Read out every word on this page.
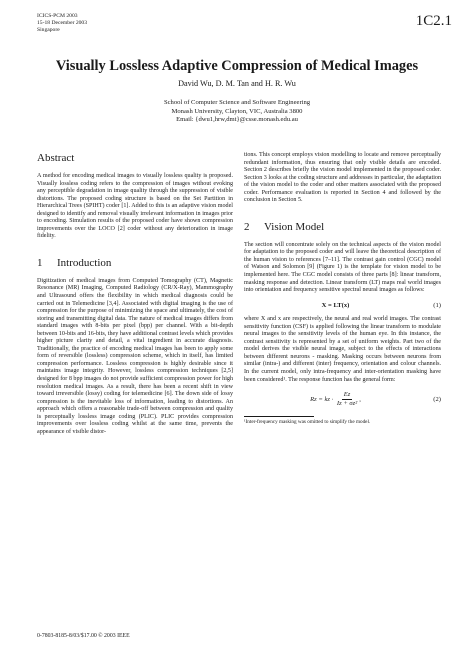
ICICS-PCM 2003
15-18 December 2003
Singapore
1C2.1
Visually Lossless Adaptive Compression of Medical Images
David Wu, D. M. Tan and H. R. Wu
School of Computer Science and Software Engineering
Monash University, Clayton, VIC, Australia 3800
Email: {dwu1,hrw,dmt}@csse.monash.edu.au
Abstract

A method for encoding medical images to visually lossless quality is proposed. Visually lossless coding refers to the compression of images without evoking any perceptible degradation in image quality through the suppression of visible distortions. The proposed coding structure is based on the Set Partition in Hierarchical Trees (SPIHT) coder [1]. Added to this is an adaptive vision model designed to identify and removal visually irrelevant information in images prior to encoding. Simulation results of the proposed coder have shown compression improvements over the LOCO [2] coder without any deterioration in image fidelity.

1 Introduction

Digitization of medical images from Computed Tomography (CT), Magnetic Resonance (MR) Imaging, Computed Radiology (CR/X-Ray), Mammography and Ultrasound offers the flexibility in which medical diagnosis could be carried out in Telemedicine [3,4]. Associated with digital imaging is the use of compression for the purpose of minimizing the space and ultimately, the cost of storing and transmitting digital data. The nature of medical images differs from standard images with 8-bits per pixel (bpp) per channel. With a bit-depth between 10-bits and 16-bits, they have additional contrast levels which provides higher picture clarity and detail, a vital ingredient in accurate diagnosis. Traditionally, the practice of encoding medical images has been to apply some form of reversible (lossless) compression scheme, which in itself, has limited compression performance. Lossless compression is highly desirable since it maintains image integrity. However, lossless compression techniques [2,5] designed for 8 bpp images do not provide sufficient compression power for high resolution medical images. As a result, there has been a recent shift in view toward irreversible (lossy) coding for telemedicine [6]. The down side of lossy compression is the inevitable loss of information, leading to distortions. An approach which offers a reasonable trade-off between compression and quality is perceptually lossless image coding (PLIC). PLIC provides compression improvements over lossless coding whilst at the same time, prevents the appearance of visible distor-

tions. This concept employs vision modelling to locate and remove perceptually redundant information, thus ensuring that only visible details are encoded. Section 2 describes briefly the vision model implemented in the proposed coder. Section 3 looks at the coding structure and addresses in particular, the adaptation of the vision model to the coder and other matters associated with the proposed coder. Performance evaluation is reported in Section 4 and followed by the conclusion in Section 5.

2 Vision Model

The section will concentrate solely on the technical aspects of the vision model for adaptation to the proposed coder and will leave the theoretical description of the human vision to references [7–11]. The contrast gain control (CGC) model of Watson and Solomon [9] (Figure 1) is the template for vision model to be implemented here. The CGC model consists of three parts [8]: linear transform, masking response and detection. Linear transform (LT) maps real world images into orientation and frequency sensitive spectral neural images as follows:

X = LT(x)	(1)

where X and x are respectively, the neural and real world images. The contrast sensitivity function (CSF) is applied following the linear transform to modulate neural images to the sensitivity levels of the human eye. In this instance, the contrast sensitivity is represented by a set of uniform weights. Part two of the model derives the visible neural image, subject to the effects of interactions between different neurons - masking. Masking occurs between neurons from similar (intra-) and different (inter) frequency, orientation and colour channels. In the current model, only intra-frequency and inter-orientation masking have been considered¹. The response function has the general form:

Rz = kz · $\frac{Ez}{\text{Iz + σz²}}$ ,	(2)
¹Inter-frequency masking was omitted to simplify the model.
0-7803-8185-8/03/$17.00 © 2003 IEEE
